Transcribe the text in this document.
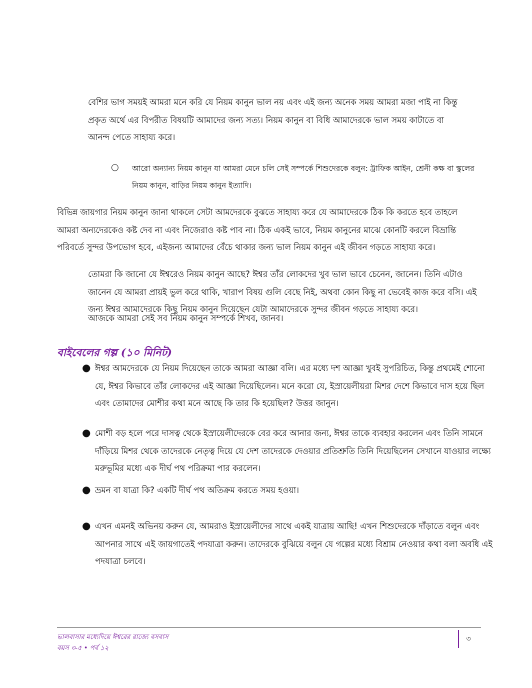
বেশির ভাগ সময়ই আমরা মনে করি যে নিয়ম কানুন ভাল নয় এবং এই জন্য অনেক সময় আমরা মজা পাই না কিন্তু প্রকৃত অর্থে এর বিপরীত বিষয়টি আমাদের জন্য সত্য। নিয়ম কানুন বা বিধি আমাদেরকে ভাল সময় কাটাতে বা আনন্দ পেতে সাহায্য করে।

○ আরো অন্যান্য নিয়ম কানুন যা আমরা মেনে চলি সেই সম্পর্কে শিশুদেরকে বলুন: ট্রাফিক আইন, শ্রেনী কক্ষ বা স্কুলের নিয়ম কানুন, বাড়ির নিয়ম কানুন ইত্যাদি।

বিভিন্ন জায়গার নিয়ম কানুন জানা থাকলে সেটা আমদেরকে বুঝতে সাহায্য করে যে আমাদেরকে ঠিক কি করতে হবে তাহলে আমরা অন্যদেরকেও কষ্ট দেব না এবং নিজেরাও কষ্ট পাব না। ঠিক একই ভাবে, নিয়ম কানুনের মাঝে কোনটি করলে বিভ্রান্তি পরিবর্তে সুন্দর উপভোগ হবে, এইজন্য আমাদের বেঁচে থাকার জন্য ভাল নিয়ম কানুন এই জীবন গড়তে সাহায্য করে।

তোমরা কি জানো যে ঈশ্বরেও নিয়ম কানুন আছে? ঈশ্বর তাঁর লোকদের খুব ভাল ভাবে চেনেন, জানেন। তিনি এটাও জানেন যে আমরা প্রায়ই ভুল করে থাকি, খারাপ বিষয় গুলি বেছে নিই, অথবা কোন কিছু না ভেবেই কাজ করে বসি। এই জন্য ঈশ্বর আমাদেরকে কিছু নিয়ম কানুন দিয়েছেন যেটা আমাদেরকে সুন্দর জীবন গড়তে সাহায্য করে।

আজকে আমরা সেই সব নিয়ম কানুন সম্পর্কে শিখব, জানব।

বাইবেলের গল্প (১০ মিনিট)
● ঈশ্বর আমদেরকে যে নিয়ম দিয়েছেন তাকে আমরা আজ্ঞা বলি। এর মধ্যে দশ আজ্ঞা খুবই সুপরিচিত, কিন্তু প্রথমেই শোনো যে, ঈশ্বর কিভাবে তাঁর লোকদের এই আজ্ঞা দিয়েছিলেন। মনে করো যে, ইস্রায়েলীয়রা মিশর দেশে কিভাবে দাস হয়ে ছিল এবং তোমাদের মোশীর কথা মনে আছে কি তার কি হয়েছিল? উত্তর জানুন।
● মোশী বড় হলে পরে দাসত্ব থেকে ইস্রায়েলীদেরকে বের করে আনার জন্য, ঈশ্বর তাকে ব্যবহার করলেন এবং তিনি সামনে দাঁড়িয়ে মিশর থেকে তাদেরকে নেতৃত্ব দিয়ে যে দেশ তাদেরকে দেওয়ার প্রতিশ্রুতি তিনি দিয়েছিলেন সেখানে যাওয়ার লক্ষ্যে মরুভূমির মধ্যে এক দীর্ঘ পথ পরিক্রমা পার করলেন।
● ভ্রমন বা যাত্রা কি? একটি দীর্ঘ পথ অতিক্রম করতে সময় হওয়া।
● এখন এমনই অভিনয় করুন যে, আমরাও ইস্রায়েলীদের সাথে একই যাত্রায় আছি! এখন শিশুদেরকে দাঁড়াতে বলুন এবং আপনার সাথে এই জায়গাতেই পদযাত্রা করুন। তাদেরকে বুঝিয়ে বলুন যে গল্পের মধ্যে বিশ্রাম নেওয়ার কথা বলা অবধি এই পদযাত্রা চলবে।
ভালবাসার মধ্যেদিয়ে ঈশ্বরের রাজ্যে বসবাস
বয়স ৩-৫ • পর্ব ১২
৩
